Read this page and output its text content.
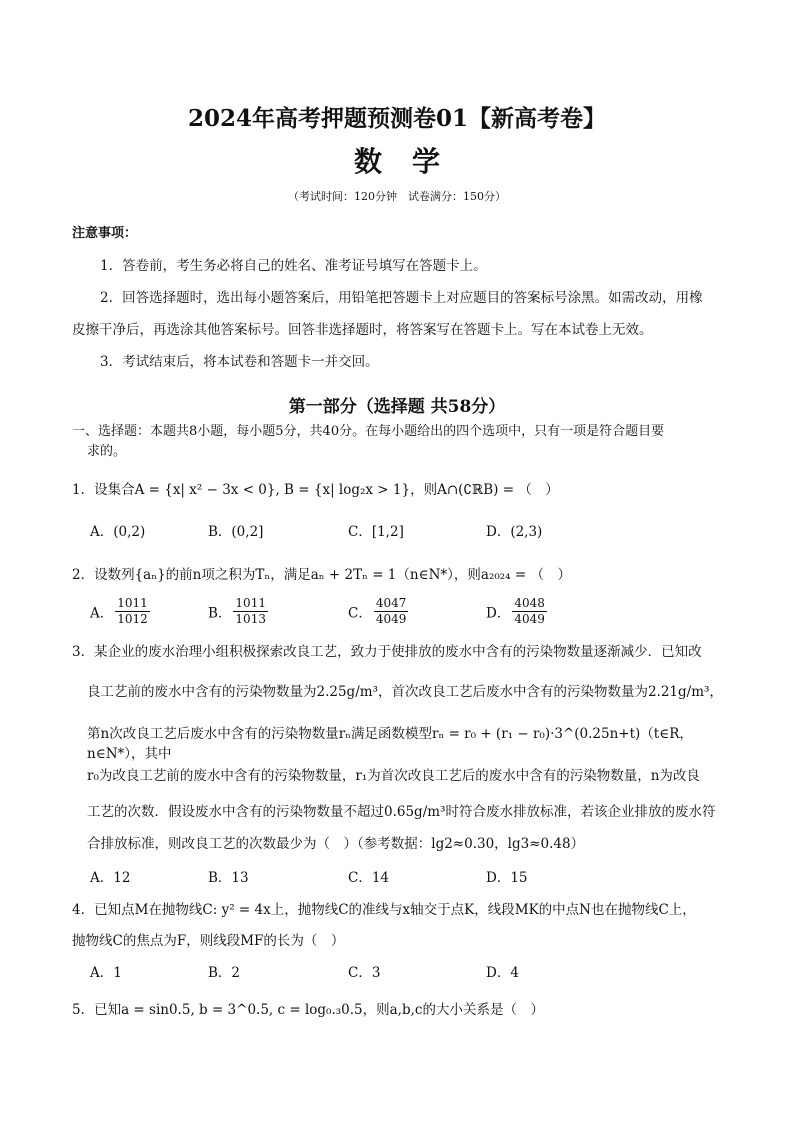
2024年高考押题预测卷01【新高考卷】
数学
（考试时间：120分钟　试卷满分：150分）
注意事项：
1．答卷前，考生务必将自己的姓名、准考证号填写在答题卡上。
2．回答选择题时，选出每小题答案后，用铅笔把答题卡上对应题目的答案标号涂黑。如需改动，用橡
皮擦干净后，再选涂其他答案标号。回答非选择题时，将答案写在答题卡上。写在本试卷上无效。
3．考试结束后，将本试卷和答题卡一并交回。
第一部分（选择题 共58分）
一、选择题：本题共8小题，每小题5分，共40分。在每小题给出的四个选项中，只有一项是符合题目要
求的。
1．设集合A = {x| x² − 3x < 0}, B = {x| log₂x > 1}，则A∩(∁ℝB) = （　）
A．(0,2)	B．(0,2]	C．[1,2]	D．(2,3)
2．设数列{aₙ}的前n项之积为Tₙ，满足aₙ + 2Tₙ = 1（n∈N*），则a₂₀₂₄ = （　）
A． $\frac{1011}{1012}$	B． $\frac{1011}{1013}$	C． $\frac{4047}{4049}$	D． $\frac{4048}{4049}$
3．某企业的废水治理小组积极探索改良工艺，致力于使排放的废水中含有的污染物数量逐渐减少．已知改
良工艺前的废水中含有的污染物数量为2.25g/m³，首次改良工艺后废水中含有的污染物数量为2.21g/m³，
第n次改良工艺后废水中含有的污染物数量rₙ满足函数模型rₙ = r₀ + (r₁ − r₀)·3^(0.25n+t)（t∈R，n∈N*），其中
r₀为改良工艺前的废水中含有的污染物数量，r₁为首次改良工艺后的废水中含有的污染物数量，n为改良
工艺的次数．假设废水中含有的污染物数量不超过0.65g/m³时符合废水排放标准，若该企业排放的废水符
合排放标准，则改良工艺的次数最少为（　）（参考数据：lg2≈0.30，lg3≈0.48）
A．12	B．13	C．14	D．15
4．已知点M在抛物线C: y² = 4x上，抛物线C的准线与x轴交于点K，线段MK的中点N也在抛物线C上，
抛物线C的焦点为F，则线段MF的长为（　）
A．1	B．2	C．3	D．4
5．已知a = sin0.5, b = 3^0.5, c = log₀.₃0.5，则a,b,c的大小关系是（　）
